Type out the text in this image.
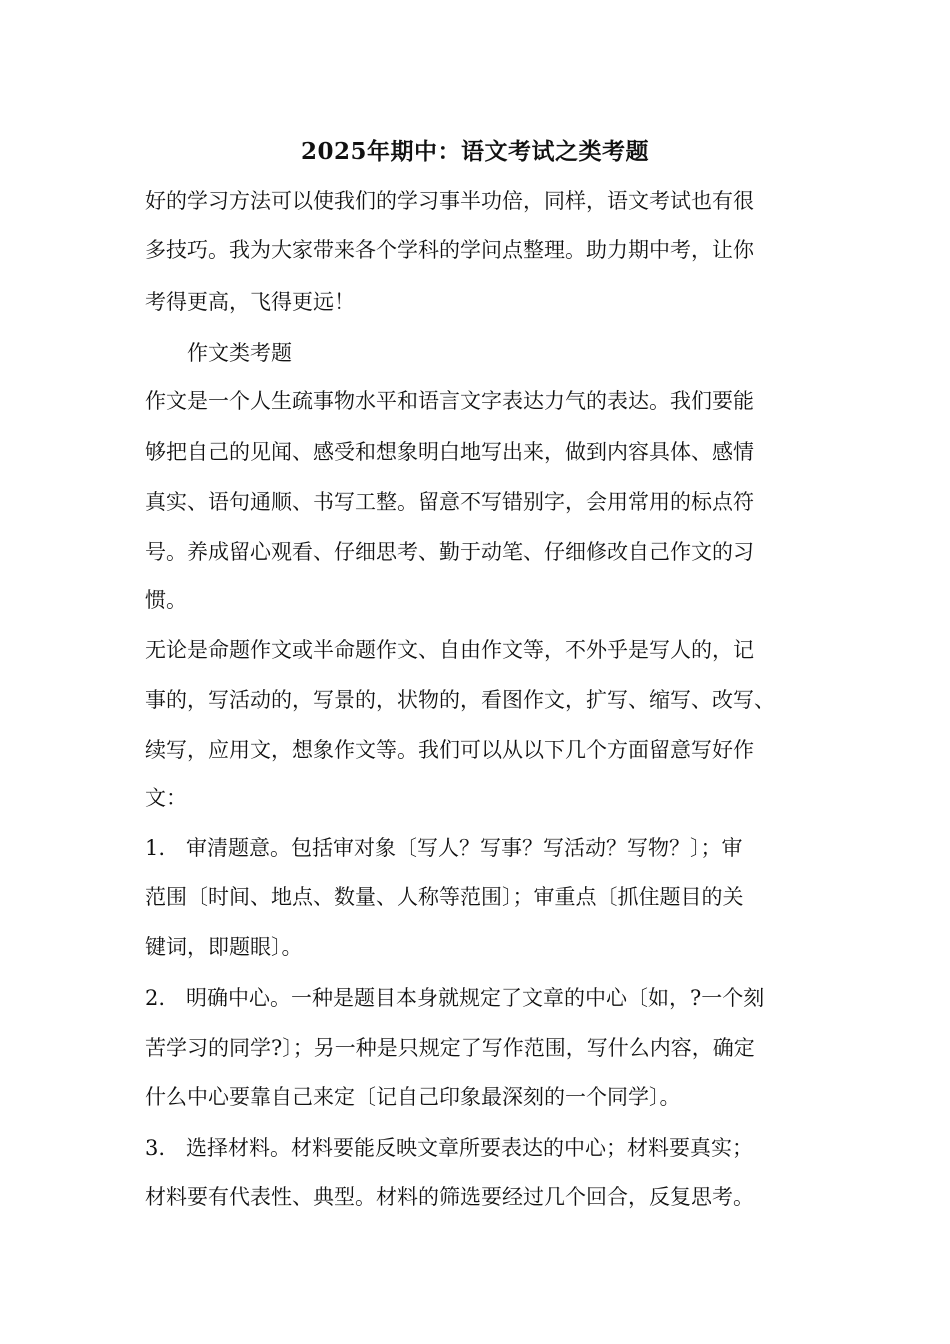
2025年期中：语文考试之类考题
好的学习方法可以使我们的学习事半功倍，同样，语文考试也有很
多技巧。我为大家带来各个学科的学问点整理。助力期中考，让你
考得更高，飞得更远！
作文类考题
作文是一个人生疏事物水平和语言文字表达力气的表达。我们要能
够把自己的见闻、感受和想象明白地写出来，做到内容具体、感情
真实、语句通顺、书写工整。留意不写错别字，会用常用的标点符
号。养成留心观看、仔细思考、勤于动笔、仔细修改自己作文的习
惯。
无论是命题作文或半命题作文、自由作文等，不外乎是写人的，记
事的，写活动的，写景的，状物的，看图作文，扩写、缩写、改写、
续写，应用文，想象作文等。我们可以从以下几个方面留意写好作
文：
1.　审清题意。包括审对象〔写人？写事？写活动？写物？〕；审
范围〔时间、地点、数量、人称等范围〕；审重点〔抓住题目的关
键词，即题眼〕。
2.　明确中心。一种是题目本身就规定了文章的中心〔如，?一个刻
苦学习的同学?〕；另一种是只规定了写作范围，写什么内容，确定
什么中心要靠自己来定〔记自己印象最深刻的一个同学〕。
3.　选择材料。材料要能反映文章所要表达的中心；材料要真实；
材料要有代表性、典型。材料的筛选要经过几个回合，反复思考。
